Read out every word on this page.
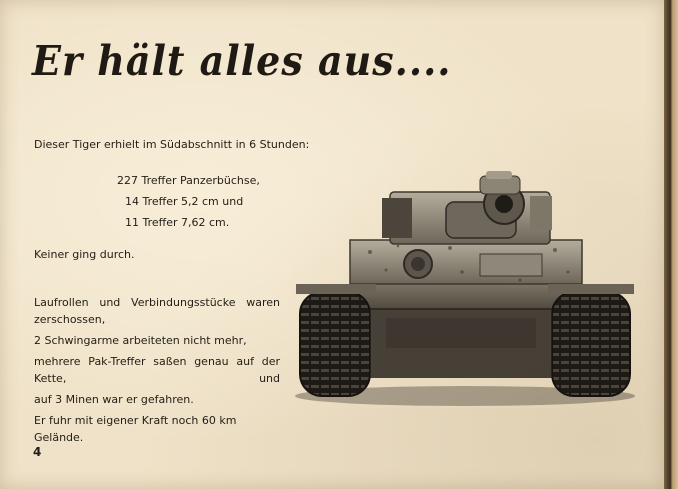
Er hält alles aus....

Dieser Tiger erhielt im Südabschnitt in 6 Stunden:

227 Treffer Panzerbüchse,
14 Treffer 5,2 cm und
11 Treffer 7,62 cm.

Keiner ging durch.

Laufrollen und Verbindungsstücke waren zerschossen,
2 Schwingarme arbeiteten nicht mehr,
mehrere Pak-Treffer saßen genau auf der Kette, und
auf 3 Minen war er gefahren.
Er fuhr mit eigener Kraft noch 60 km Gelände.
4
